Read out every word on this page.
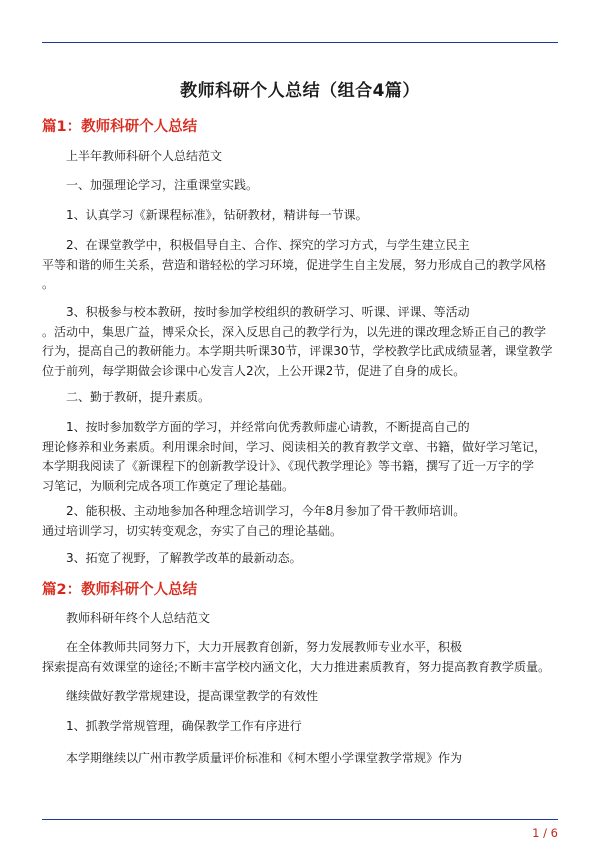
教师科研个人总结（组合4篇）
篇1：教师科研个人总结
上半年教师科研个人总结范文
一、加强理论学习，注重课堂实践。
1、认真学习《新课程标准》，钻研教材，精讲每一节课。
2、在课堂教学中，积极倡导自主、合作、探究的学习方式，与学生建立民主
平等和谐的师生关系，营造和谐轻松的学习环境，促进学生自主发展，努力形成自己的教学风格
。
3、积极参与校本教研，按时参加学校组织的教研学习、听课、评课、等活动
。活动中，集思广益，博采众长，深入反思自己的教学行为，以先进的课改理念矫正自己的教学
行为，提高自己的教研能力。本学期共听课30节，评课30节，学校教学比武成绩显著，课堂教学
位于前列，每学期做会诊课中心发言人2次，上公开课2节，促进了自身的成长。
二、勤于教研，提升素质。
1、按时参加数学方面的学习，并经常向优秀教师虚心请教，不断提高自己的
理论修养和业务素质。利用课余时间，学习、阅读相关的教育教学文章、书籍，做好学习笔记，
本学期我阅读了《新课程下的创新教学设计》、《现代教学理论》等书籍，撰写了近一万字的学
习笔记，为顺利完成各项工作奠定了理论基础。
2、能积极、主动地参加各种理念培训学习，今年8月参加了骨干教师培训。
通过培训学习，切实转变观念，夯实了自己的理论基础。
3、拓宽了视野，了解教学改革的最新动态。
篇2：教师科研个人总结
教师科研年终个人总结范文
在全体教师共同努力下，大力开展教育创新，努力发展教师专业水平，积极
探索提高有效课堂的途径;不断丰富学校内涵文化，大力推进素质教育，努力提高教育教学质量。
继续做好教学常规建设，提高课堂教学的有效性
1、抓教学常规管理，确保教学工作有序进行
本学期继续以广州市教学质量评价标准和《柯木塱小学课堂教学常规》作为
1 / 6
